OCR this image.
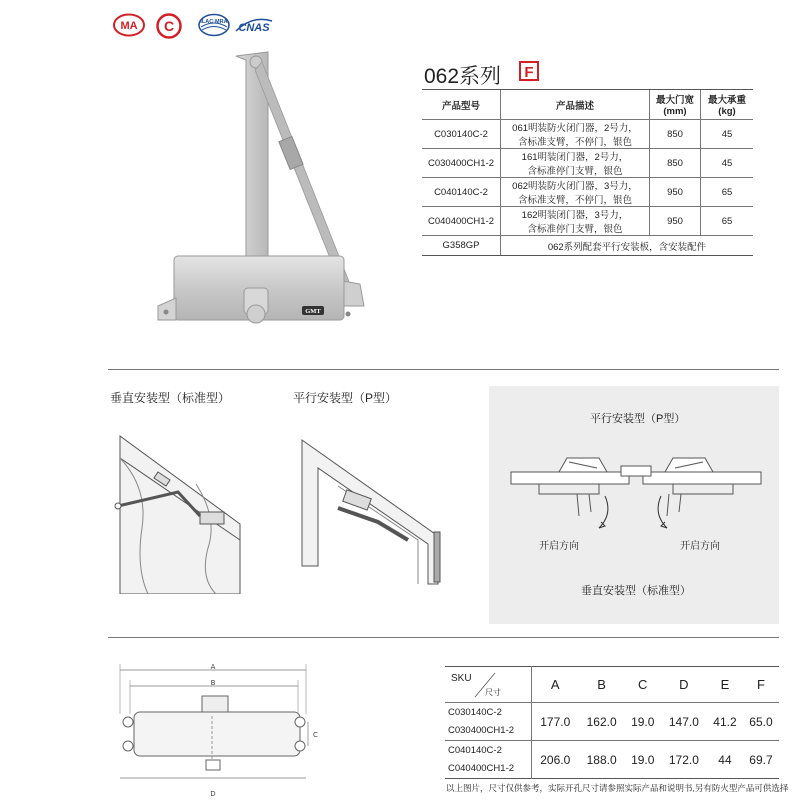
MA C	ILAC·MRA CNAS
GMT
062系列	F
产品型号	产品描述	最大门宽
(mm)	最大承重
(kg)
C030140C-2	061明装防火闭门器，2号力，
含标准支臂，不停门，银色	850	45
C030400CH1-2	161明装闭门器，2号力，
含标准停门支臂，银色	850	45
C040140C-2	062明装防火闭门器，3号力，
含标准支臂，不停门，银色	950	65
C040400CH1-2	162明装闭门器，3号力，
含标准停门支臂，银色	950	65
G358GP	062系列配套平行安装板，含安装配件		
垂直安装型（标准型）	平行安装型（P型）
平行安装型（P型）
垂直安装型（标准型）
开启方向	开启方向
A
B
C
D
SKU
尺寸	A	B	C	D	E	F
C030140C-2
C030400CH1-2	177.0	162.0	19.0	147.0	41.2	65.0
C040140C-2
C040400CH1-2	206.0	188.0	19.0	172.0	44	69.7
以上图片，尺寸仅供参考，实际开孔尺寸请参照实际产品和说明书,另有防火型产品可供选择
